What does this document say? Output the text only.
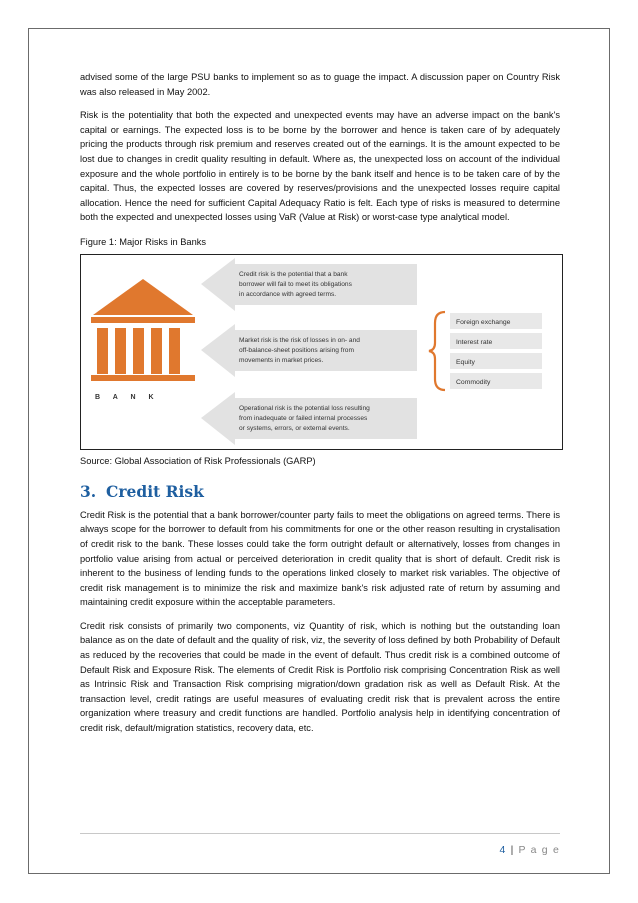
advised some of the large PSU banks to implement so as to guage the impact. A discussion paper on Country Risk was also released in May 2002.

Risk is the potentiality that both the expected and unexpected events may have an adverse impact on the bank's capital or earnings. The expected loss is to be borne by the borrower and hence is taken care of by adequately pricing the products through risk premium and reserves created out of the earnings. It is the amount expected to be lost due to changes in credit quality resulting in default. Where as, the unexpected loss on account of the individual exposure and the whole portfolio in entirely is to be borne by the bank itself and hence is to be taken care of by the capital. Thus, the expected losses are covered by reserves/provisions and the unexpected losses require capital allocation. Hence the need for sufficient Capital Adequacy Ratio is felt. Each type of risks is measured to determine both the expected and unexpected losses using VaR (Value at Risk) or worst-case type analytical model.

Figure 1: Major Risks in Banks
B A N K
Credit risk is the potential that a bank borrower will fail to meet its obligations in accordance with agreed terms.
Market risk is the risk of losses in on- and off-balance-sheet positions arising from movements in market prices.
Operational risk is the potential loss resulting from inadequate or failed internal processes or systems, errors, or external events.
Foreign exchange
Interest rate
Equity
Commodity
Source: Global Association of Risk Professionals (GARP)
3. Credit Risk

Credit Risk is the potential that a bank borrower/counter party fails to meet the obligations on agreed terms. There is always scope for the borrower to default from his commitments for one or the other reason resulting in crystalisation of credit risk to the bank. These losses could take the form outright default or alternatively, losses from changes in portfolio value arising from actual or perceived deterioration in credit quality that is short of default. Credit risk is inherent to the business of lending funds to the operations linked closely to market risk variables. The objective of credit risk management is to minimize the risk and maximize bank's risk adjusted rate of return by assuming and maintaining credit exposure within the acceptable parameters.

Credit risk consists of primarily two components, viz Quantity of risk, which is nothing but the outstanding loan balance as on the date of default and the quality of risk, viz, the severity of loss defined by both Probability of Default as reduced by the recoveries that could be made in the event of default. Thus credit risk is a combined outcome of Default Risk and Exposure Risk. The elements of Credit Risk is Portfolio risk comprising Concentration Risk as well as Intrinsic Risk and Transaction Risk comprising migration/down gradation risk as well as Default Risk. At the transaction level, credit ratings are useful measures of evaluating credit risk that is prevalent across the entire organization where treasury and credit functions are handled. Portfolio analysis help in identifying concentration of credit risk, default/migration statistics, recovery data, etc.

4 | P a g e
